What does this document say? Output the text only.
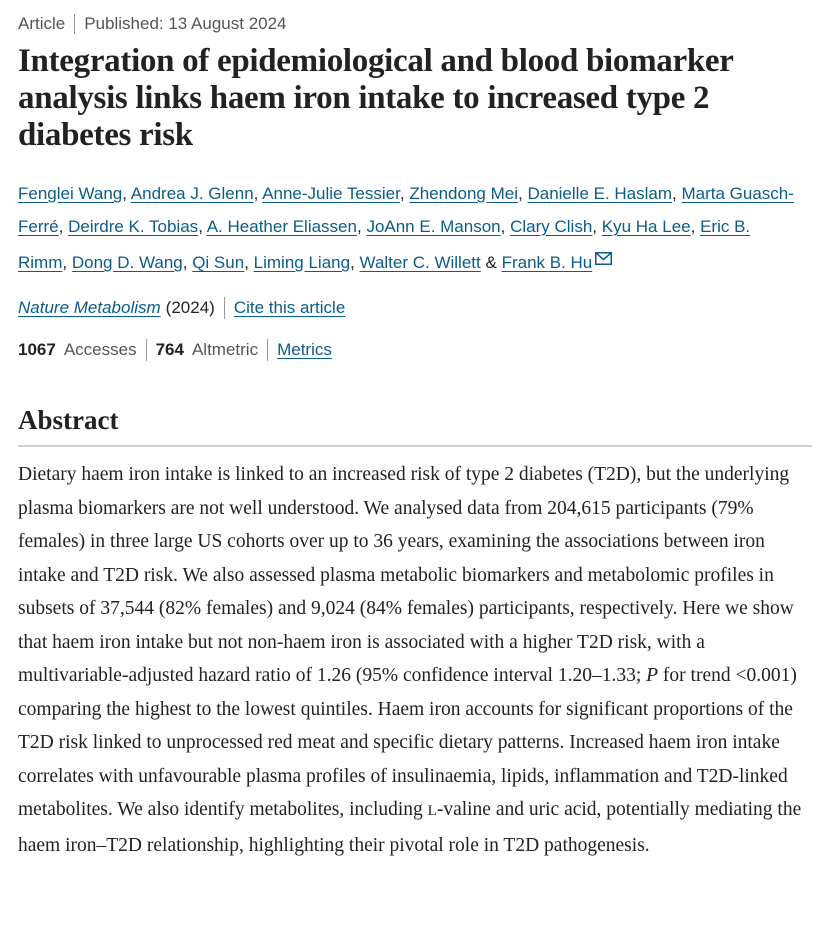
Article Published: 13 August 2024
Integration of epidemiological and blood biomarker analysis links haem iron intake to increased type 2 diabetes risk
Fenglei Wang, Andrea J. Glenn, Anne-Julie Tessier, Zhendong Mei, Danielle E. Haslam, Marta Guasch-Ferré, Deirdre K. Tobias, A. Heather Eliassen, JoAnn E. Manson, Clary Clish, Kyu Ha Lee, Eric B. Rimm, Dong D. Wang, Qi Sun, Liming Liang, Walter C. Willett & Frank B. Hu
Nature Metabolism (2024) Cite this article
1067 Accesses 764 Altmetric Metrics
Abstract
Dietary haem iron intake is linked to an increased risk of type 2 diabetes (T2D), but the underlying plasma biomarkers are not well understood. We analysed data from 204,615 participants (79% females) in three large US cohorts over up to 36 years, examining the associations between iron intake and T2D risk. We also assessed plasma metabolic biomarkers and metabolomic profiles in subsets of 37,544 (82% females) and 9,024 (84% females) participants, respectively. Here we show that haem iron intake but not non-haem iron is associated with a higher T2D risk, with a multivariable-adjusted hazard ratio of 1.26 (95% confidence interval 1.20–1.33; P for trend <0.001) comparing the highest to the lowest quintiles. Haem iron accounts for significant proportions of the T2D risk linked to unprocessed red meat and specific dietary patterns. Increased haem iron intake correlates with unfavourable plasma profiles of insulinaemia, lipids, inflammation and T2D-linked metabolites. We also identify metabolites, including L-valine and uric acid, potentially mediating the haem iron–T2D relationship, highlighting their pivotal role in T2D pathogenesis.
